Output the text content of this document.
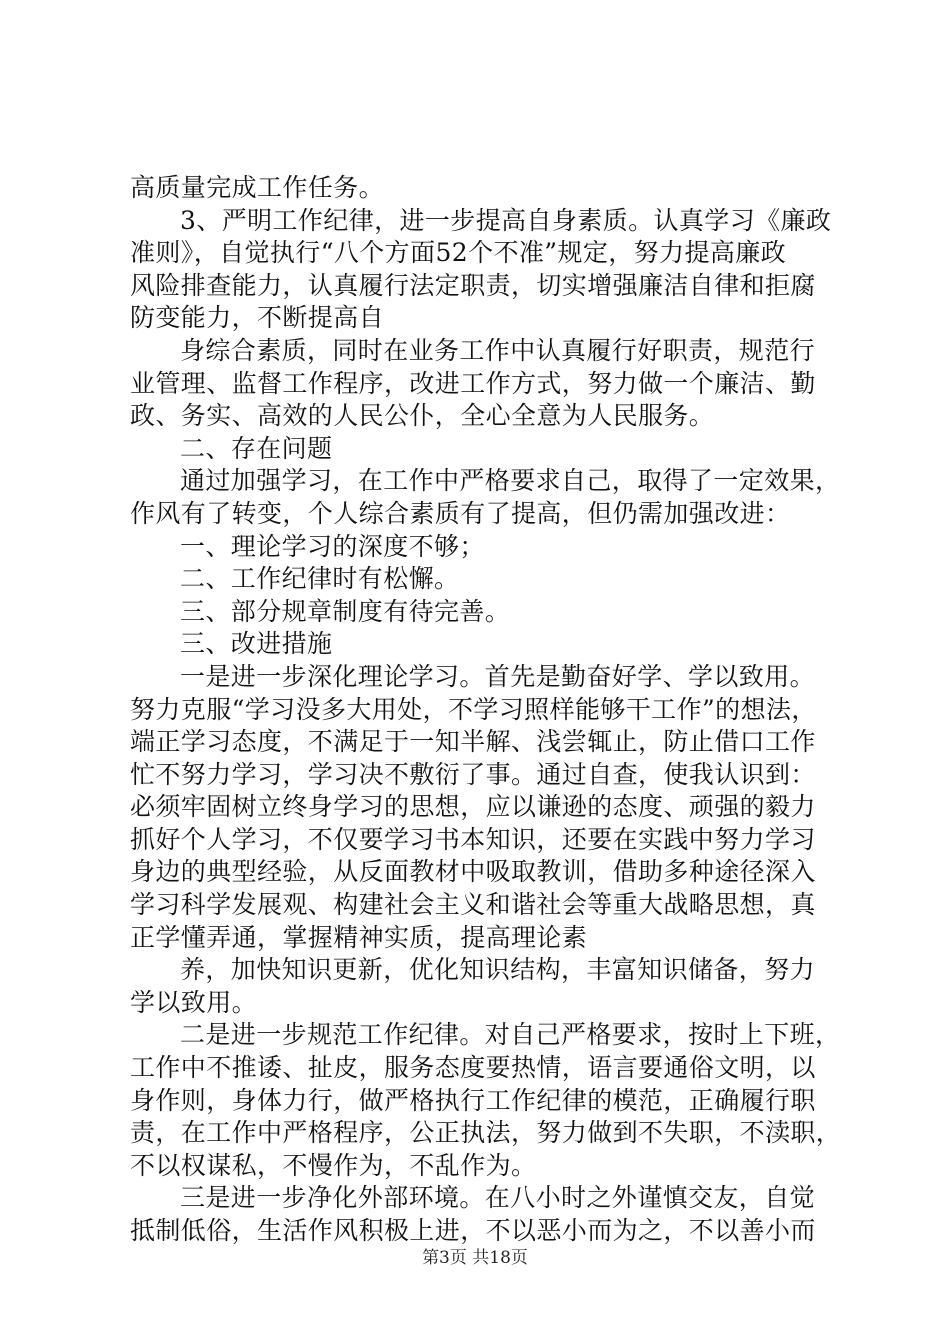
高质量完成工作任务。
3、严明工作纪律，进一步提高自身素质。认真学习《廉政
准则》，自觉执行“八个方面52个不准”规定，努力提高廉政
风险排查能力，认真履行法定职责，切实增强廉洁自律和拒腐
防变能力，不断提高自
身综合素质，同时在业务工作中认真履行好职责，规范行
业管理、监督工作程序，改进工作方式，努力做一个廉洁、勤
政、务实、高效的人民公仆，全心全意为人民服务。
二、存在问题
通过加强学习，在工作中严格要求自己，取得了一定效果，
作风有了转变，个人综合素质有了提高，但仍需加强改进：
一、理论学习的深度不够；
二、工作纪律时有松懈。
三、部分规章制度有待完善。
三、改进措施
一是进一步深化理论学习。首先是勤奋好学、学以致用。
努力克服“学习没多大用处，不学习照样能够干工作”的想法，
端正学习态度，不满足于一知半解、浅尝辄止，防止借口工作
忙不努力学习，学习决不敷衍了事。通过自查，使我认识到：
必须牢固树立终身学习的思想，应以谦逊的态度、顽强的毅力
抓好个人学习，不仅要学习书本知识，还要在实践中努力学习
身边的典型经验，从反面教材中吸取教训，借助多种途径深入
学习科学发展观、构建社会主义和谐社会等重大战略思想，真
正学懂弄通，掌握精神实质，提高理论素
养，加快知识更新，优化知识结构，丰富知识储备，努力
学以致用。
二是进一步规范工作纪律。对自己严格要求，按时上下班，
工作中不推诿、扯皮，服务态度要热情，语言要通俗文明，以
身作则，身体力行，做严格执行工作纪律的模范，正确履行职
责，在工作中严格程序，公正执法，努力做到不失职，不渎职，
不以权谋私，不慢作为，不乱作为。
三是进一步净化外部环境。在八小时之外谨慎交友，自觉
抵制低俗，生活作风积极上进，不以恶小而为之，不以善小而
第3页 共18页
